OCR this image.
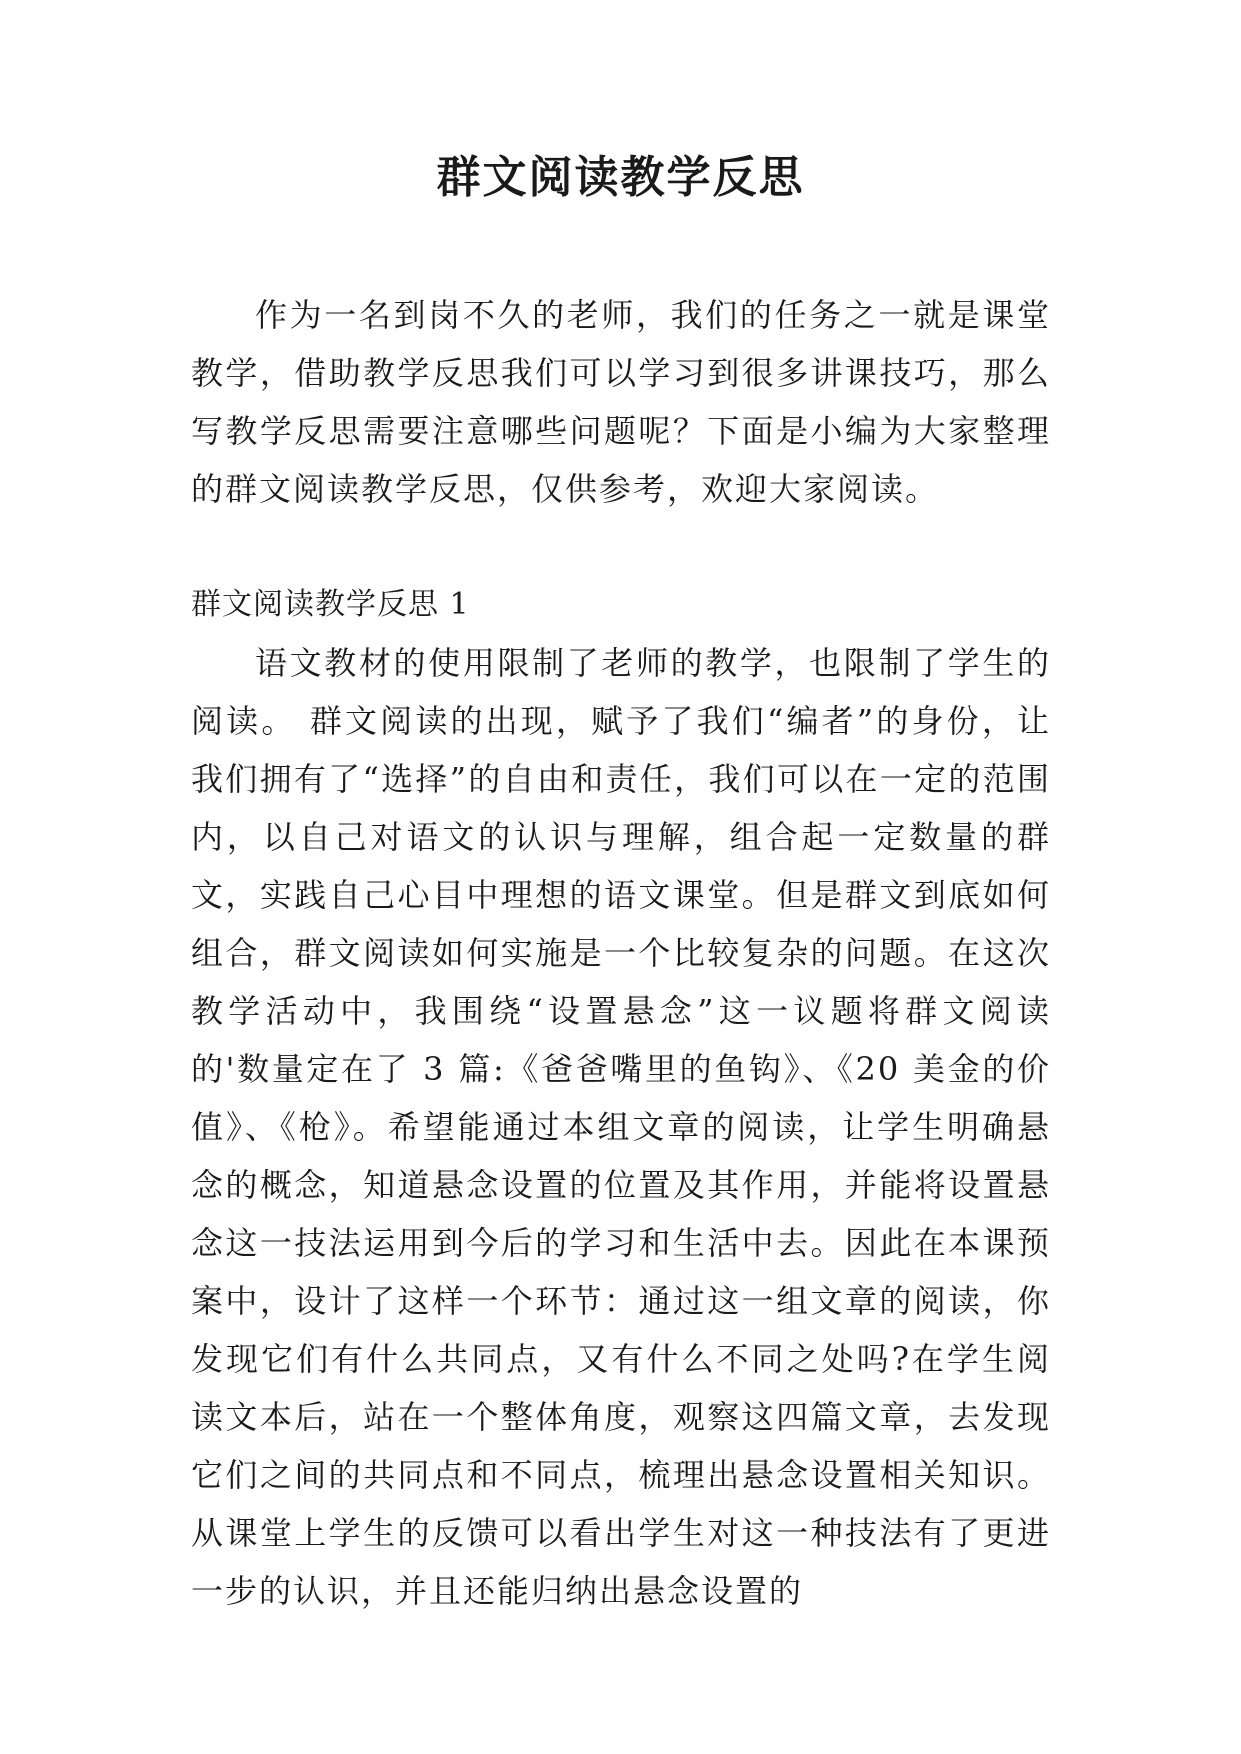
群文阅读教学反思

作为一名到岗不久的老师，我们的任务之一就是课堂教学，借助教学反思我们可以学习到很多讲课技巧，那么写教学反思需要注意哪些问题呢？下面是小编为大家整理的群文阅读教学反思，仅供参考，欢迎大家阅读。

群文阅读教学反思 1

语文教材的使用限制了老师的教学，也限制了学生的阅读。 群文阅读的出现，赋予了我们“编者”的身份，让我们拥有了“选择”的自由和责任，我们可以在一定的范围内，以自己对语文的认识与理解，组合起一定数量的群文，实践自己心目中理想的语文课堂。但是群文到底如何组合，群文阅读如何实施是一个比较复杂的问题。在这次教学活动中，我围绕“设置悬念”这一议题将群文阅读的'数量定在了 3 篇:《爸爸嘴里的鱼钩》、《20 美金的价值》、《枪》。希望能通过本组文章的阅读，让学生明确悬念的概念，知道悬念设置的位置及其作用，并能将设置悬念这一技法运用到今后的学习和生活中去。因此在本课预案中，设计了这样一个环节：通过这一组文章的阅读，你发现它们有什么共同点，又有什么不同之处吗?在学生阅读文本后，站在一个整体角度，观察这四篇文章，去发现它们之间的共同点和不同点，梳理出悬念设置相关知识。从课堂上学生的反馈可以看出学生对这一种技法有了更进一步的认识，并且还能归纳出悬念设置的
